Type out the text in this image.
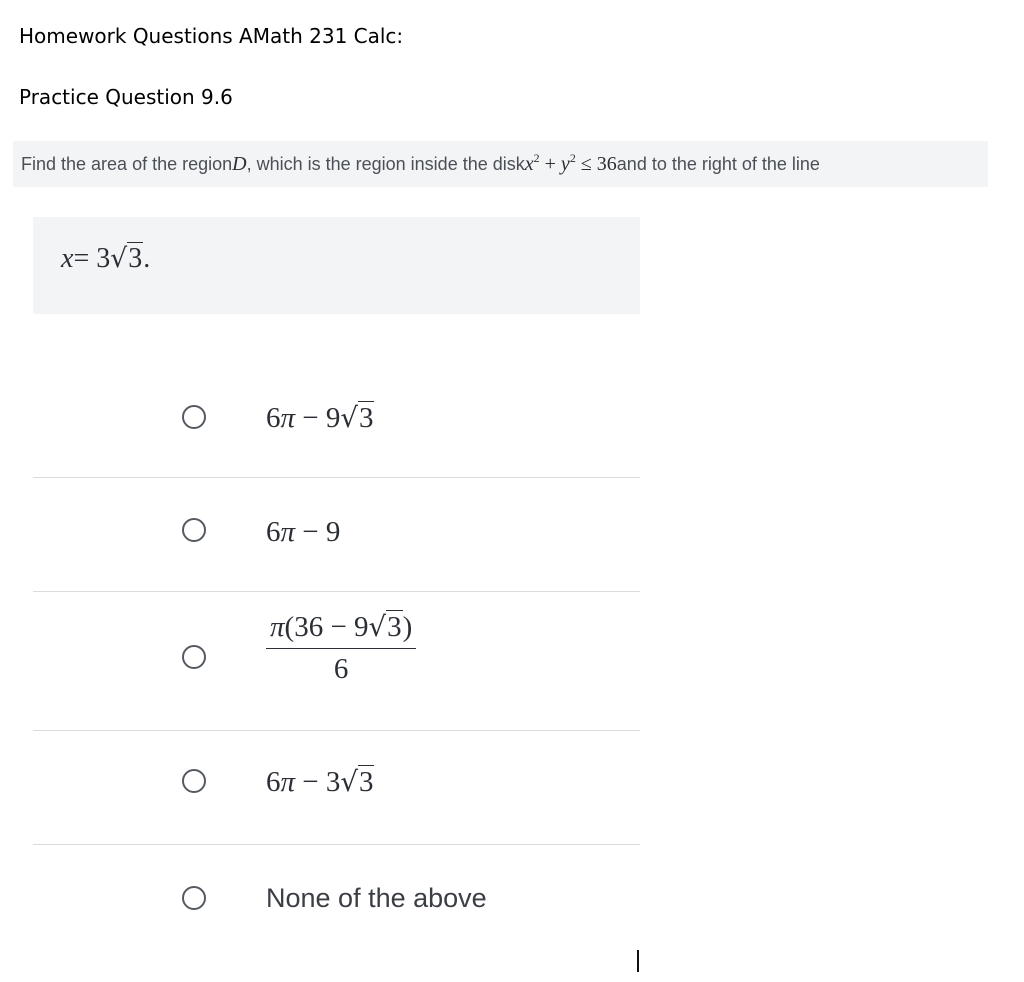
Homework Questions AMath 231 Calc:
Practice Question 9.6
Find the area of the region D , which is the region inside the disk $x^2 + y^2 \le 36$ and to the right of the line
x = 3 √3 .
6π − 9√3
6π − 9
$\frac{\pi(36 - 9√3)}{6}$
6π − 3√3
None of the above
